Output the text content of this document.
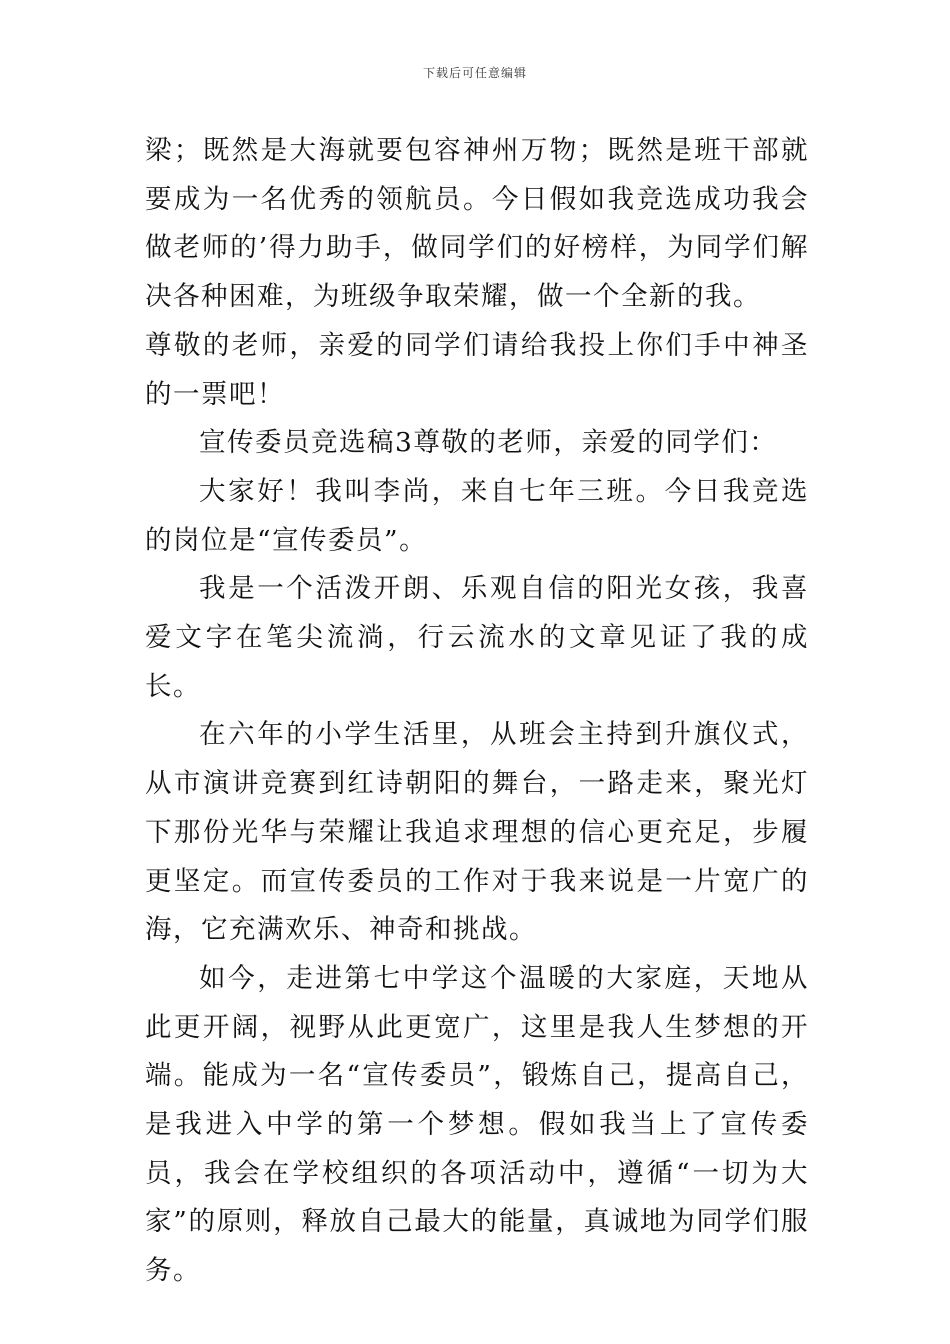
下载后可任意编辑

梁；既然是大海就要包容神州万物；既然是班干部就要成为一名优秀的领航员。今日假如我竞选成功我会做老师的’得力助手，做同学们的好榜样，为同学们解决各种困难，为班级争取荣耀，做一个全新的我。

尊敬的老师，亲爱的同学们请给我投上你们手中神圣的一票吧！

宣传委员竞选稿3尊敬的老师，亲爱的同学们：

大家好！我叫李尚，来自七年三班。今日我竞选的岗位是“宣传委员”。

我是一个活泼开朗、乐观自信的阳光女孩，我喜爱文字在笔尖流淌，行云流水的文章见证了我的成长。

在六年的小学生活里，从班会主持到升旗仪式，从市演讲竞赛到红诗朝阳的舞台，一路走来，聚光灯下那份光华与荣耀让我追求理想的信心更充足，步履更坚定。而宣传委员的工作对于我来说是一片宽广的海，它充满欢乐、神奇和挑战。

如今，走进第七中学这个温暖的大家庭，天地从此更开阔，视野从此更宽广，这里是我人生梦想的开端。能成为一名“宣传委员”，锻炼自己，提高自己，是我进入中学的第一个梦想。假如我当上了宣传委员，我会在学校组织的各项活动中，遵循“一切为大家”的原则，释放自己最大的能量，真诚地为同学们服务。
